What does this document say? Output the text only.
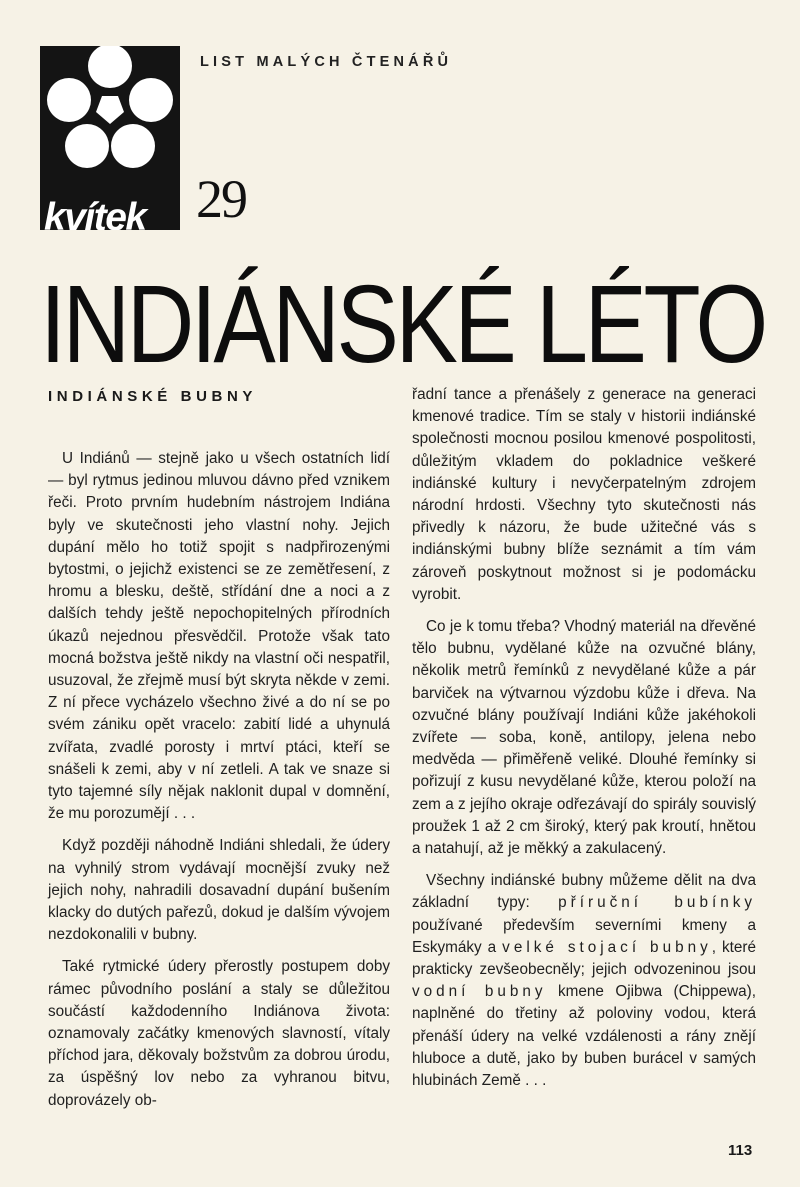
kvítek
LIST MALÝCH ČTENÁŘŮ
29
INDIÁNSKÉ LÉTO
INDIÁNSKÉ BUBNY

U Indiánů — stejně jako u všech ostatních lidí — byl rytmus jedinou mluvou dávno před vznikem řeči. Proto prvním hudebním nástrojem Indiána byly ve skutečnosti jeho vlastní nohy. Jejich dupání mělo ho totiž spojit s nadpřirozenými bytostmi, o jejichž existenci se ze zemětřesení, z hromu a blesku, deště, střídání dne a noci a z dalších tehdy ještě nepochopitelných přírodních úkazů nejednou přesvědčil. Protože však tato mocná božstva ještě nikdy na vlastní oči nespatřil, usuzoval, že zřejmě musí být skryta někde v zemi. Z ní přece vycházelo všechno živé a do ní se po svém zániku opět vracelo: zabití lidé a uhynulá zvířata, zvadlé porosty i mrtví ptáci, kteří se snášeli k zemi, aby v ní zetleli. A tak ve snaze si tyto tajemné síly nějak naklonit dupal v domnění, že mu porozumějí . . .

Když později náhodně Indiáni shledali, že údery na vyhnilý strom vydávají mocnější zvuky než jejich nohy, nahradili dosavadní dupání bušením klacky do dutých pařezů, dokud je dalším vývojem nezdokonalili v bubny.

Také rytmické údery přerostly postupem doby rámec původního poslání a staly se důležitou součástí každodenního Indiánova života: oznamovaly začátky kmenových slavností, vítaly příchod jara, děkovaly božstvům za dobrou úrodu, za úspěšný lov nebo za vyhranou bitvu, doprovázely ob-

řadní tance a přenášely z generace na generaci kmenové tradice. Tím se staly v historii indiánské společnosti mocnou posilou kmenové pospolitosti, důležitým vkladem do pokladnice veškeré indiánské kultury i nevyčerpatelným zdrojem národní hrdosti. Všechny tyto skutečnosti nás přivedly k názoru, že bude užitečné vás s indiánskými bubny blíže seznámit a tím vám zároveň poskytnout možnost si je podomácku vyrobit.

Co je k tomu třeba? Vhodný materiál na dřevěné tělo bubnu, vydělané kůže na ozvučné blány, několik metrů řemínků z nevydělané kůže a pár barviček na výtvarnou výzdobu kůže i dřeva. Na ozvučné blány používají Indiáni kůže jakéhokoli zvířete — soba, koně, antilopy, jelena nebo medvěda — přiměřeně veliké. Dlouhé řemínky si pořizují z kusu nevydělané kůže, kterou položí na zem a z jejího okraje odřezávají do spirály souvislý proužek 1 až 2 cm široký, který pak kroutí, hnětou a natahují, až je měkký a zakulacený.

Všechny indiánské bubny můžeme dělit na dva základní typy: příruční bubínky používané především severními kmeny a Eskymáky a velké stojací bubny, které prakticky zevšeobecněly; jejich odvozeninou jsou vodní bubny kmene Ojibwa (Chippewa), naplněné do třetiny až poloviny vodou, která přenáší údery na velké vzdálenosti a rány znějí hluboce a dutě, jako by buben burácel v samých hlubinách Země . . .

113
